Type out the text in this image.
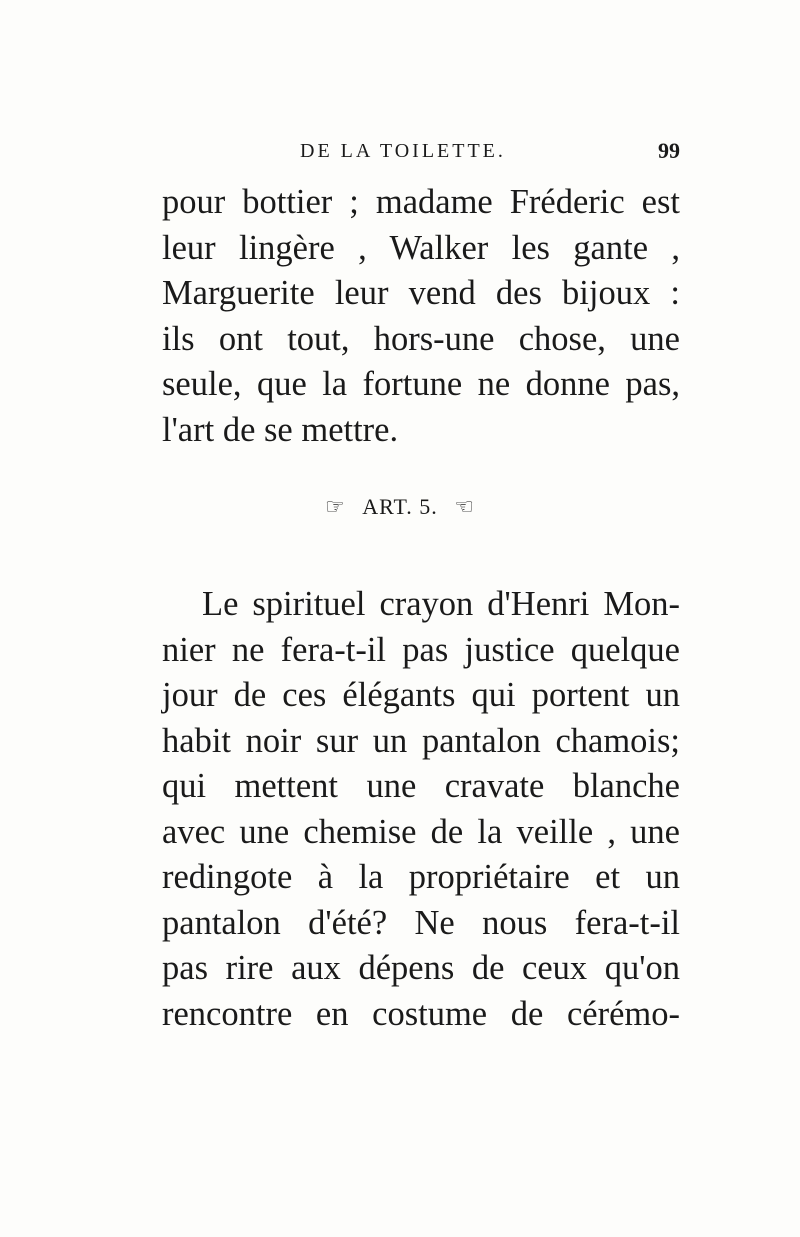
DE LA TOILETTE.	99
pour bottier ; madame Fréderic est
leur lingère , Walker les gante ,
Marguerite leur vend des bijoux :
ils ont tout, hors-une chose, une
seule, que la fortune ne donne pas,
l'art de se mettre.
☞ ART. 5. ☜
Le spirituel crayon d'Henri Mon-
nier ne fera-t-il pas justice quelque
jour de ces élégants qui portent un
habit noir sur un pantalon chamois;
qui mettent une cravate blanche
avec une chemise de la veille , une
redingote à la propriétaire et un
pantalon d'été? Ne nous fera-t-il
pas rire aux dépens de ceux qu'on
rencontre en costume de cérémo-
